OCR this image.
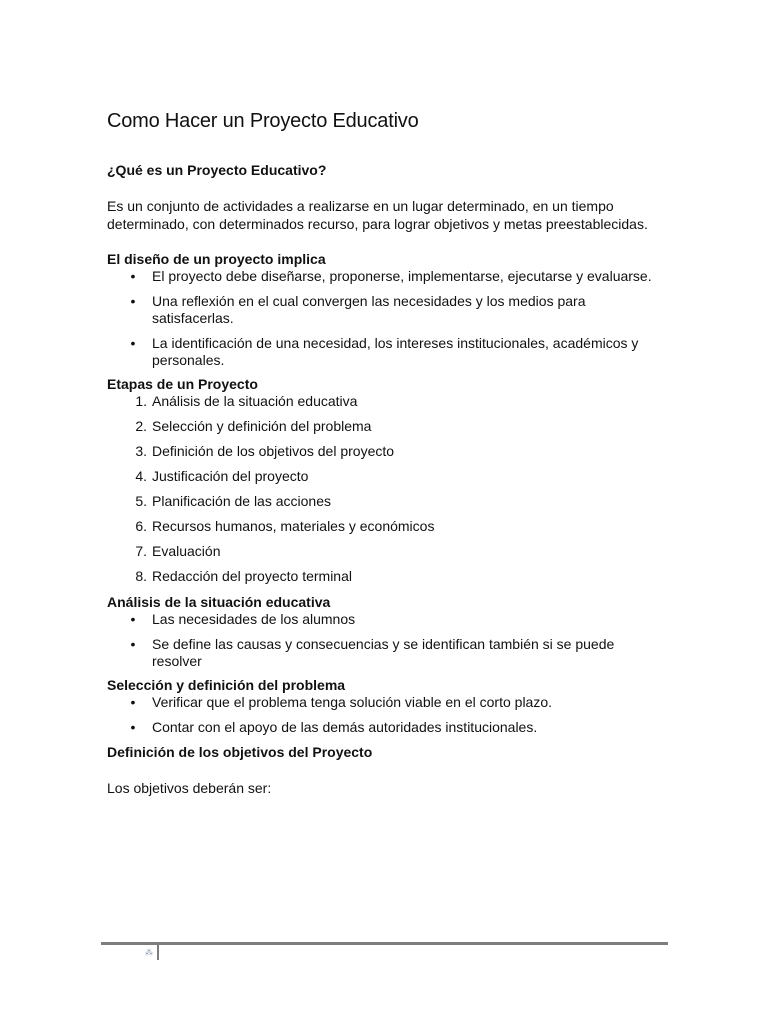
Como Hacer un Proyecto Educativo
¿Qué es un Proyecto Educativo?

Es un conjunto de actividades a realizarse en un lugar determinado, en un tiempo determinado, con determinados recurso, para lograr objetivos y metas preestablecidas.

El diseño de un proyecto implica
• El proyecto debe diseñarse, proponerse, implementarse, ejecutarse y evaluarse.
• Una reflexión en el cual convergen las necesidades y los medios para satisfacerlas.
• La identificación de una necesidad, los intereses institucionales, académicos y personales.
Etapas de un Proyecto
1. Análisis de la situación educativa
2. Selección y definición del problema
3. Definición de los objetivos del proyecto
4. Justificación del proyecto
5. Planificación de las acciones
6. Recursos humanos, materiales y económicos
7. Evaluación
8. Redacción del proyecto terminal
Análisis de la situación educativa
• Las necesidades de los alumnos
• Se define las causas y consecuencias y se identifican también si se puede resolver
Selección y definición del problema
• Verificar que el problema tenga solución viable en el corto plazo.
• Contar con el apoyo de las demás autoridades institucionales.
Definición de los objetivos del Proyecto

Los objetivos deberán ser:

⁂
